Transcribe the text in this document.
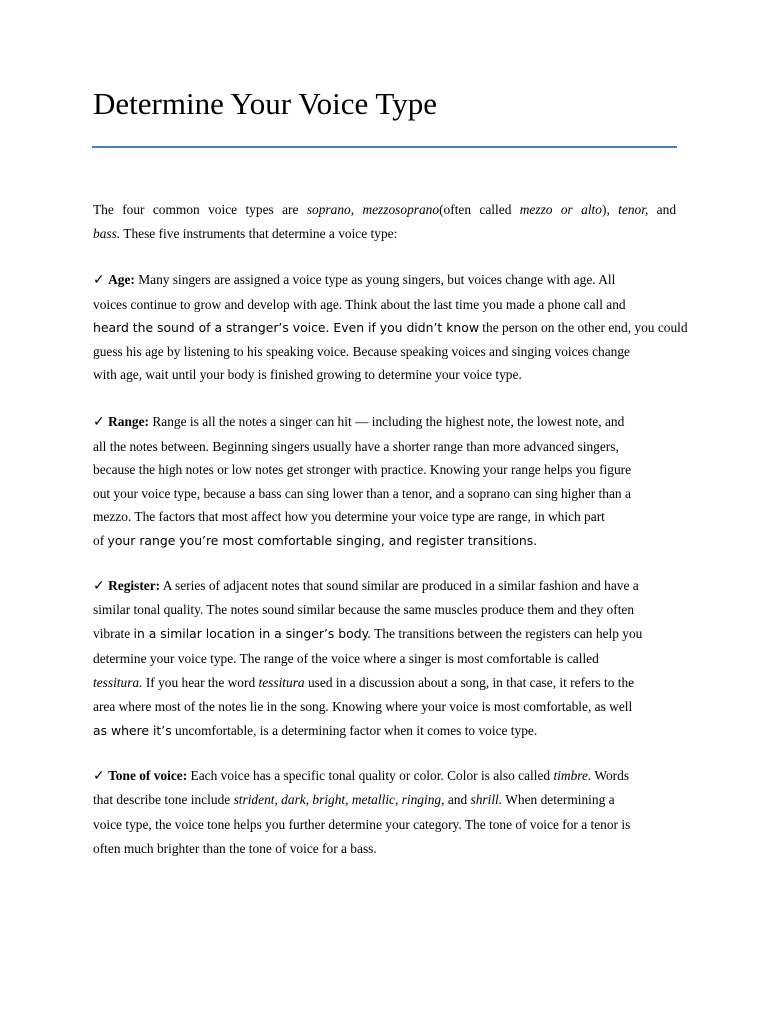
Determine Your Voice Type

The four common voice types are soprano, mezzosoprano(often called mezzo or alto), tenor, and
bass. These five instruments that determine a voice type:

✓ Age: Many singers are assigned a voice type as young singers, but voices change with age. All
voices continue to grow and develop with age. Think about the last time you made a phone call and
heard the sound of a stranger’s voice. Even if you didn’t know the person on the other end, you could
guess his age by listening to his speaking voice. Because speaking voices and singing voices change
with age, wait until your body is finished growing to determine your voice type.

✓ Range: Range is all the notes a singer can hit — including the highest note, the lowest note, and
all the notes between. Beginning singers usually have a shorter range than more advanced singers,
because the high notes or low notes get stronger with practice. Knowing your range helps you figure
out your voice type, because a bass can sing lower than a tenor, and a soprano can sing higher than a
mezzo. The factors that most affect how you determine your voice type are range, in which part
of your range you’re most comfortable singing, and register transitions.

✓ Register: A series of adjacent notes that sound similar are produced in a similar fashion and have a
similar tonal quality. The notes sound similar because the same muscles produce them and they often
vibrate in a similar location in a singer’s body. The transitions between the registers can help you
determine your voice type. The range of the voice where a singer is most comfortable is called
tessitura. If you hear the word tessitura used in a discussion about a song, in that case, it refers to the
area where most of the notes lie in the song. Knowing where your voice is most comfortable, as well
as where it’s uncomfortable, is a determining factor when it comes to voice type.

✓ Tone of voice: Each voice has a specific tonal quality or color. Color is also called timbre. Words
that describe tone include strident, dark, bright, metallic, ringing, and shrill. When determining a
voice type, the voice tone helps you further determine your category. The tone of voice for a tenor is
often much brighter than the tone of voice for a bass.
